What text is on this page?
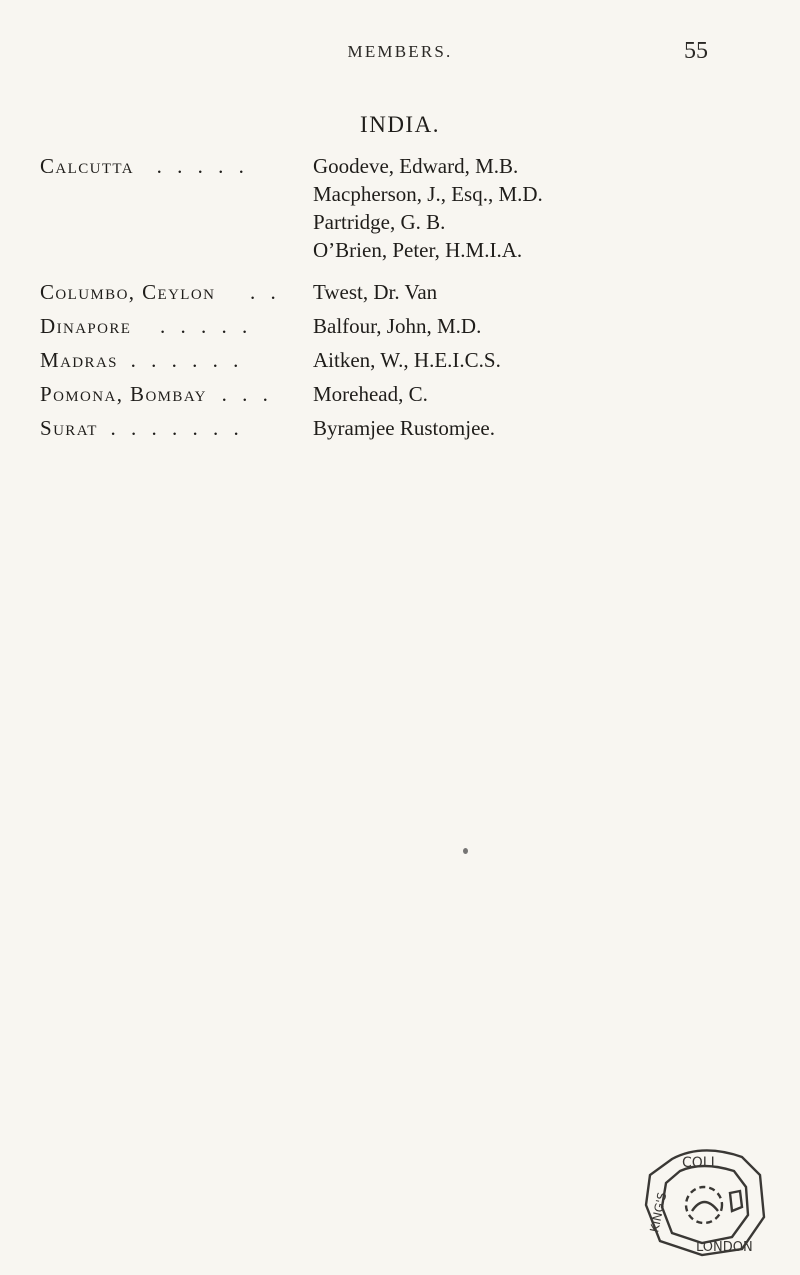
MEMBERS.	55
INDIA.
Calcutta . . . . .	Goodeve, Edward, M.B.
Macpherson, J., Esq., M.D.
Partridge, G. B.
O’Brien, Peter, H.M.I.A.
Columbo, Ceylon . .	Twest, Dr. Van
Dinapore . . . . .	Balfour, John, M.D.
Madras . . . . . .	Aitken, W., H.E.I.C.S.
Pomona, Bombay . . .	Morehead, C.
Surat . . . . . . .	Byramjee Rustomjee.
COLL
LONDON
KING'S
